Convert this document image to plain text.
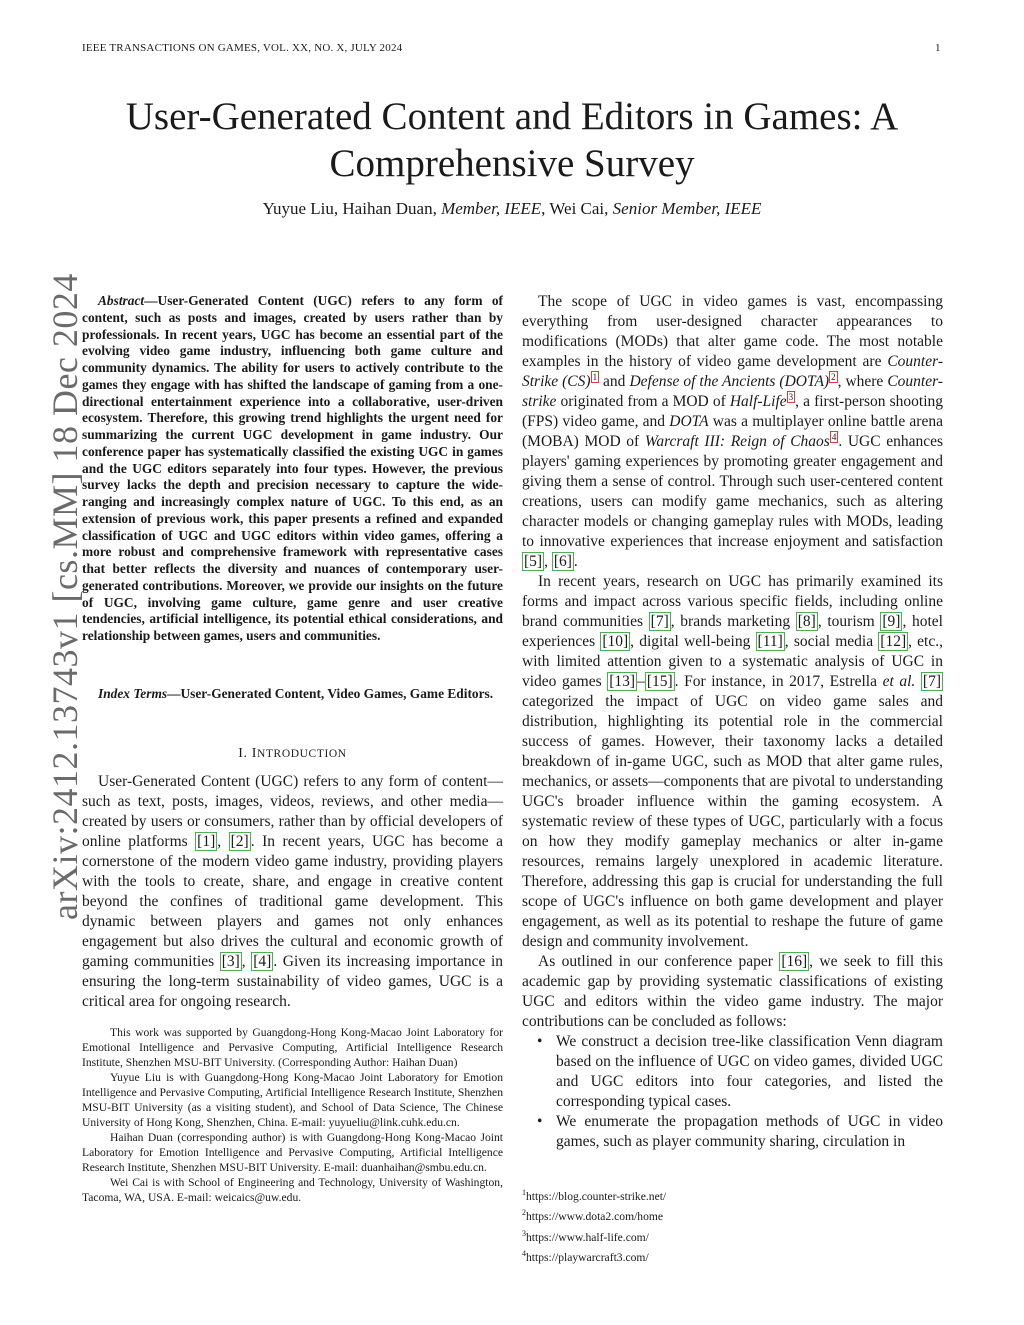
IEEE TRANSACTIONS ON GAMES, VOL. XX, NO. X, JULY 2024	1
arXiv:2412.13743v1 [cs.MM] 18 Dec 2024
User-Generated Content and Editors in Games: A Comprehensive Survey
Yuyue Liu, Haihan Duan, Member, IEEE, Wei Cai, Senior Member, IEEE
Abstract—User-Generated Content (UGC) refers to any form of content, such as posts and images, created by users rather than by professionals. In recent years, UGC has become an essential part of the evolving video game industry, influencing both game culture and community dynamics. The ability for users to actively contribute to the games they engage with has shifted the landscape of gaming from a one-directional entertainment experience into a collaborative, user-driven ecosystem. Therefore, this growing trend highlights the urgent need for summarizing the current UGC development in game industry. Our conference paper has systematically classified the existing UGC in games and the UGC editors separately into four types. However, the previous survey lacks the depth and precision necessary to capture the wide-ranging and increasingly complex nature of UGC. To this end, as an extension of previous work, this paper presents a refined and expanded classification of UGC and UGC editors within video games, offering a more robust and comprehensive framework with representative cases that better reflects the diversity and nuances of contemporary user-generated contributions. Moreover, we provide our insights on the future of UGC, involving game culture, game genre and user creative tendencies, artificial intelligence, its potential ethical considerations, and relationship between games, users and communities.
Index Terms—User-Generated Content, Video Games, Game Editors.
I. INTRODUCTION
User-Generated Content (UGC) refers to any form of content—such as text, posts, images, videos, reviews, and other media—created by users or consumers, rather than by official developers of online platforms [1] , [2] . In recent years, UGC has become a cornerstone of the modern video game industry, providing players with the tools to create, share, and engage in creative content beyond the confines of traditional game development. This dynamic between players and games not only enhances engagement but also drives the cultural and economic growth of gaming communities [3] , [4] . Given its increasing importance in ensuring the long-term sustainability of video games, UGC is a critical area for ongoing research.

This work was supported by Guangdong-Hong Kong-Macao Joint Laboratory for Emotional Intelligence and Pervasive Computing, Artificial Intelligence Research Institute, Shenzhen MSU-BIT University. (Corresponding Author: Haihan Duan)

Yuyue Liu is with Guangdong-Hong Kong-Macao Joint Laboratory for Emotion Intelligence and Pervasive Computing, Artificial Intelligence Research Institute, Shenzhen MSU-BIT University (as a visiting student), and School of Data Science, The Chinese University of Hong Kong, Shenzhen, China. E-mail: yuyueliu@link.cuhk.edu.cn.

Haihan Duan (corresponding author) is with Guangdong-Hong Kong-Macao Joint Laboratory for Emotion Intelligence and Pervasive Computing, Artificial Intelligence Research Institute, Shenzhen MSU-BIT University. E-mail: duanhaihan@smbu.edu.cn.

Wei Cai is with School of Engineering and Technology, University of Washington, Tacoma, WA, USA. E-mail: weicaics@uw.edu.

The scope of UGC in video games is vast, encompassing everything from user-designed character appearances to modifications (MODs) that alter game code. The most notable examples in the history of video game development are Counter-Strike (CS) $^1$ and Defense of the Ancients (DOTA) $^2$ , where Counter-strike originated from a MOD of Half-Life $^3$ , a first-person shooting (FPS) video game, and DOTA was a multiplayer online battle arena (MOBA) MOD of Warcraft III: Reign of Chaos $^4$ . UGC enhances players' gaming experiences by promoting greater engagement and giving them a sense of control. Through such user-centered content creations, users can modify game mechanics, such as altering character models or changing gameplay rules with MODs, leading to innovative experiences that increase enjoyment and satisfaction [5] , [6] .

In recent years, research on UGC has primarily examined its forms and impact across various specific fields, including online brand communities [7] , brands marketing [8] , tourism [9] , hotel experiences [10] , digital well-being [11] , social media [12] , etc., with limited attention given to a systematic analysis of UGC in video games [13] – [15] . For instance, in 2017, Estrella et al. [7] categorized the impact of UGC on video game sales and distribution, highlighting its potential role in the commercial success of games. However, their taxonomy lacks a detailed breakdown of in-game UGC, such as MOD that alter game rules, mechanics, or assets—components that are pivotal to understanding UGC's broader influence within the gaming ecosystem. A systematic review of these types of UGC, particularly with a focus on how they modify gameplay mechanics or alter in-game resources, remains largely unexplored in academic literature. Therefore, addressing this gap is crucial for understanding the full scope of UGC's influence on both game development and player engagement, as well as its potential to reshape the future of game design and community involvement.

As outlined in our conference paper [16] , we seek to fill this academic gap by providing systematic classifications of existing UGC and editors within the video game industry. The major contributions can be concluded as follows:

• We construct a decision tree-like classification Venn diagram based on the influence of UGC on video games, divided UGC and UGC editors into four categories, and listed the corresponding typical cases.
• We enumerate the propagation methods of UGC in video games, such as player community sharing, circulation in
$^1$https://blog.counter-strike.net/
$^2$https://www.dota2.com/home
$^3$https://www.half-life.com/
$^4$https://playwarcraft3.com/
